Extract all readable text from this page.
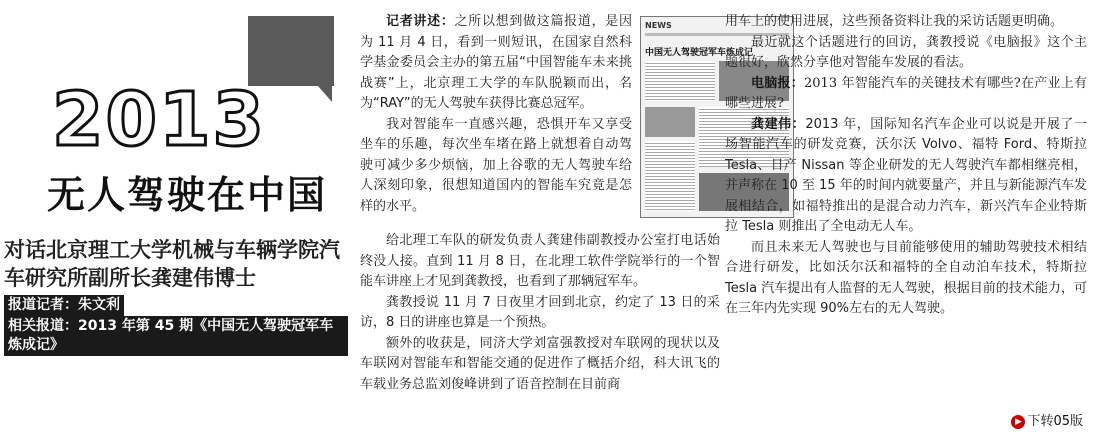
2013
无人驾驶在中国
对话北京理工大学机械与车辆学院汽车研究所副所长龚建伟博士
报道记者：朱文利
相关报道：2013 年第 45 期《中国无人驾驶冠军车炼成记》

记者讲述：之所以想到做这篇报道，是因为 11 月 4 日，看到一则短讯，在国家自然科学基金委员会主办的第五届“中国智能车未来挑战赛”上，北京理工大学的车队脱颖而出，名为“RAY”的无人驾驶车获得比赛总冠军。

我对智能车一直感兴趣，恐惧开车又享受坐车的乐趣，每次坐车堵在路上就想着自动驾驶可减少多少烦恼，加上谷歌的无人驾驶车给人深刻印象，很想知道国内的智能车究竟是怎样的水平。

给北理工车队的研发负责人龚建伟副教授办公室打电话始终没人接。直到 11 月 8 日，在北理工软件学院举行的一个智能车讲座上才见到龚教授，也看到了那辆冠军车。

龚教授说 11 月 7 日夜里才回到北京，约定了 13 日的采访，8 日的讲座也算是一个预热。

额外的收获是，同济大学刘富强教授对车联网的现状以及车联网对智能车和智能交通的促进作了概括介绍，科大讯飞的车载业务总监刘俊峰讲到了语音控制在目前商

NEWS
中国无人驾驶冠军车炼成记

用车上的使用进展，这些预备资料让我的采访话题更明确。

最近就这个话题进行的回访，龚教授说《电脑报》这个主题很好，欣然分享他对智能车发展的看法。

电脑报：2013 年智能汽车的关键技术有哪些?在产业上有哪些进展?

龚建伟：2013 年，国际知名汽车企业可以说是开展了一场智能汽车的研发竞赛，沃尔沃 Volvo、福特 Ford、特斯拉 Tesla、日产 Nissan 等企业研发的无人驾驶汽车都相继亮相，并声称在 10 至 15 年的时间内就要量产，并且与新能源汽车发展相结合，如福特推出的是混合动力汽车，新兴汽车企业特斯拉 Tesla 则推出了全电动无人车。

而且未来无人驾驶也与目前能够使用的辅助驾驶技术相结合进行研发，比如沃尔沃和福特的全自动泊车技术，特斯拉 Tesla 汽车提出有人监督的无人驾驶，根据目前的技术能力，可在三年内先实现 90%左右的无人驾驶。

▶ 下转05版
